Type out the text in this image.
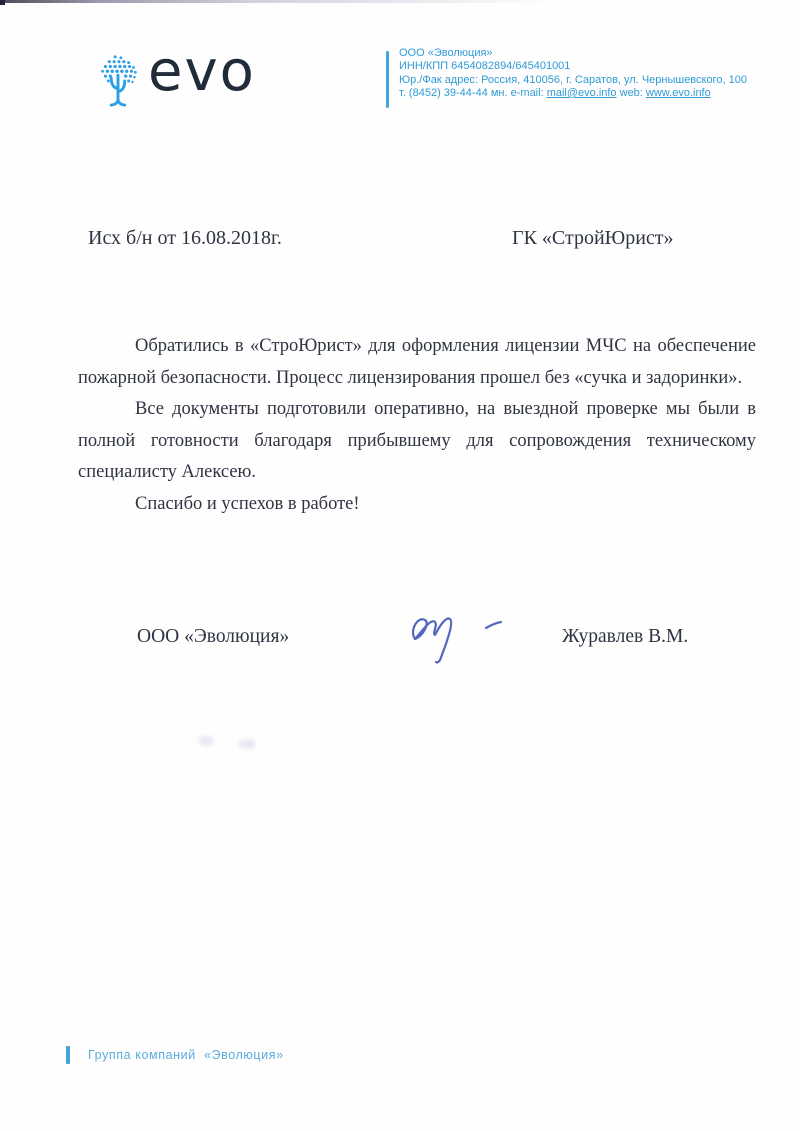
evo	ООО «Эволюция»
ИНН/КПП 6454082894/645401001
Юр./Фак адрес: Россия, 410056, г. Саратов, ул. Чернышевского, 100
т. (8452) 39-44-44 мн. e-mail: mail@evo.info web: www.evo.info
Исх б/н от 16.08.2018г.	ГК «СтройЮрист»

Обратились в «СтроЮрист» для оформления лицензии МЧС на обеспечение пожарной безопасности. Процесс лицензирования прошел без «сучка и задоринки».

Все документы подготовили оперативно, на выездной проверке мы были в полной готовности благодаря прибывшему для сопровождения техническому специалисту Алексею.

Спасибо и успехов в работе!

ООО «Эволюция»	Журавлев В.М.
Группа компаний  «Эволюция»
